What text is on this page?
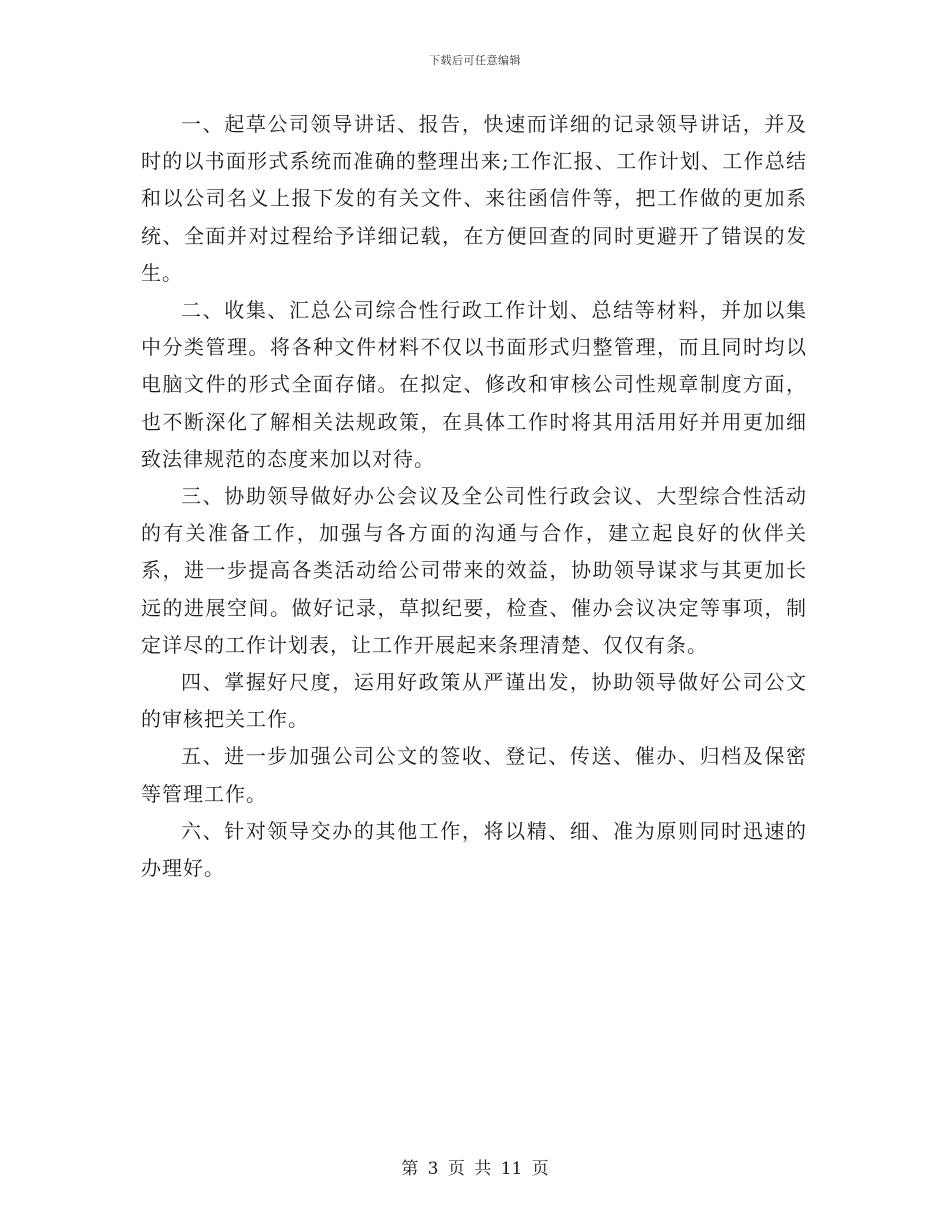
下载后可任意编辑

一、起草公司领导讲话、报告，快速而详细的记录领导讲话，并及时的以书面形式系统而准确的整理出来;工作汇报、工作计划、工作总结和以公司名义上报下发的有关文件、来往函信件等，把工作做的更加系统、全面并对过程给予详细记载，在方便回查的同时更避开了错误的发生。

二、收集、汇总公司综合性行政工作计划、总结等材料，并加以集中分类管理。将各种文件材料不仅以书面形式归整管理，而且同时均以电脑文件的形式全面存储。在拟定、修改和审核公司性规章制度方面，也不断深化了解相关法规政策，在具体工作时将其用活用好并用更加细致法律规范的态度来加以对待。

三、协助领导做好办公会议及全公司性行政会议、大型综合性活动的有关准备工作，加强与各方面的沟通与合作，建立起良好的伙伴关系，进一步提高各类活动给公司带来的效益，协助领导谋求与其更加长远的进展空间。做好记录，草拟纪要，检查、催办会议决定等事项，制定详尽的工作计划表，让工作开展起来条理清楚、仅仅有条。

四、掌握好尺度，运用好政策从严谨出发，协助领导做好公司公文的审核把关工作。

五、进一步加强公司公文的签收、登记、传送、催办、归档及保密等管理工作。

六、针对领导交办的其他工作，将以精、细、准为原则同时迅速的办理好。

第 3 页 共 11 页
